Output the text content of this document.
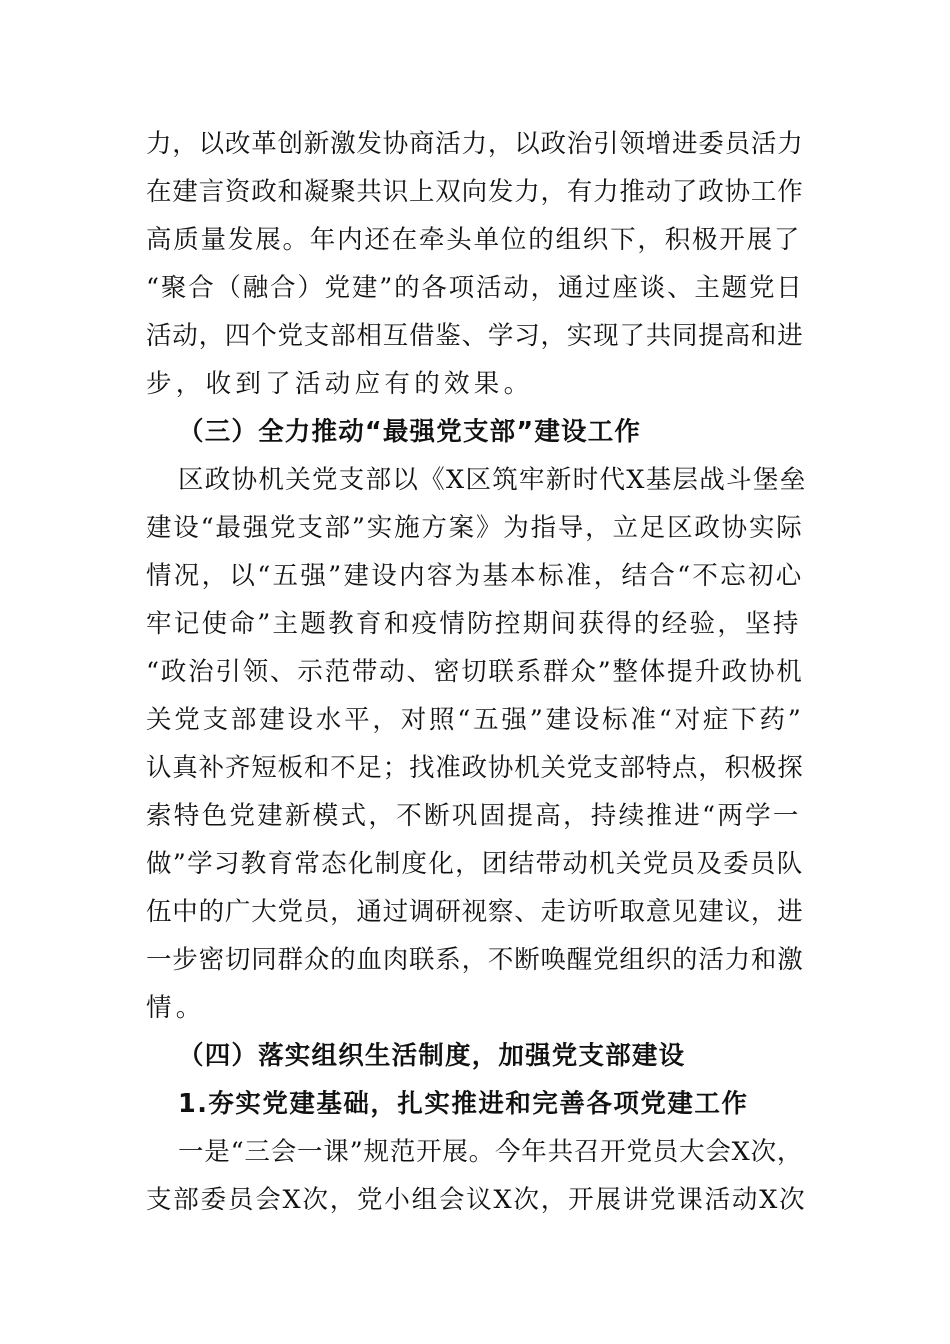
力，以改革创新激发协商活力，以政治引领增进委员活力
在建言资政和凝聚共识上双向发力，有力推动了政协工作
高质量发展。年内还在牵头单位的组织下，积极开展了
“聚合（融合）党建”的各项活动，通过座谈、主题党日
活动，四个党支部相互借鉴、学习，实现了共同提高和进
步，收到了活动应有的效果。
（三）全力推动“最强党支部”建设工作
区政协机关党支部以《X区筑牢新时代X基层战斗堡垒
建设“最强党支部”实施方案》为指导，立足区政协实际
情况，以“五强”建设内容为基本标准，结合“不忘初心
牢记使命”主题教育和疫情防控期间获得的经验，坚持
“政治引领、示范带动、密切联系群众”整体提升政协机
关党支部建设水平，对照“五强”建设标准“对症下药”
认真补齐短板和不足；找准政协机关党支部特点，积极探
索特色党建新模式，不断巩固提高，持续推进“两学一
做”学习教育常态化制度化，团结带动机关党员及委员队
伍中的广大党员，通过调研视察、走访听取意见建议，进
一步密切同群众的血肉联系，不断唤醒党组织的活力和激
情。
（四）落实组织生活制度，加强党支部建设
1.夯实党建基础，扎实推进和完善各项党建工作
一是“三会一课”规范开展。今年共召开党员大会X次，
支部委员会X次，党小组会议X次，开展讲党课活动X次
